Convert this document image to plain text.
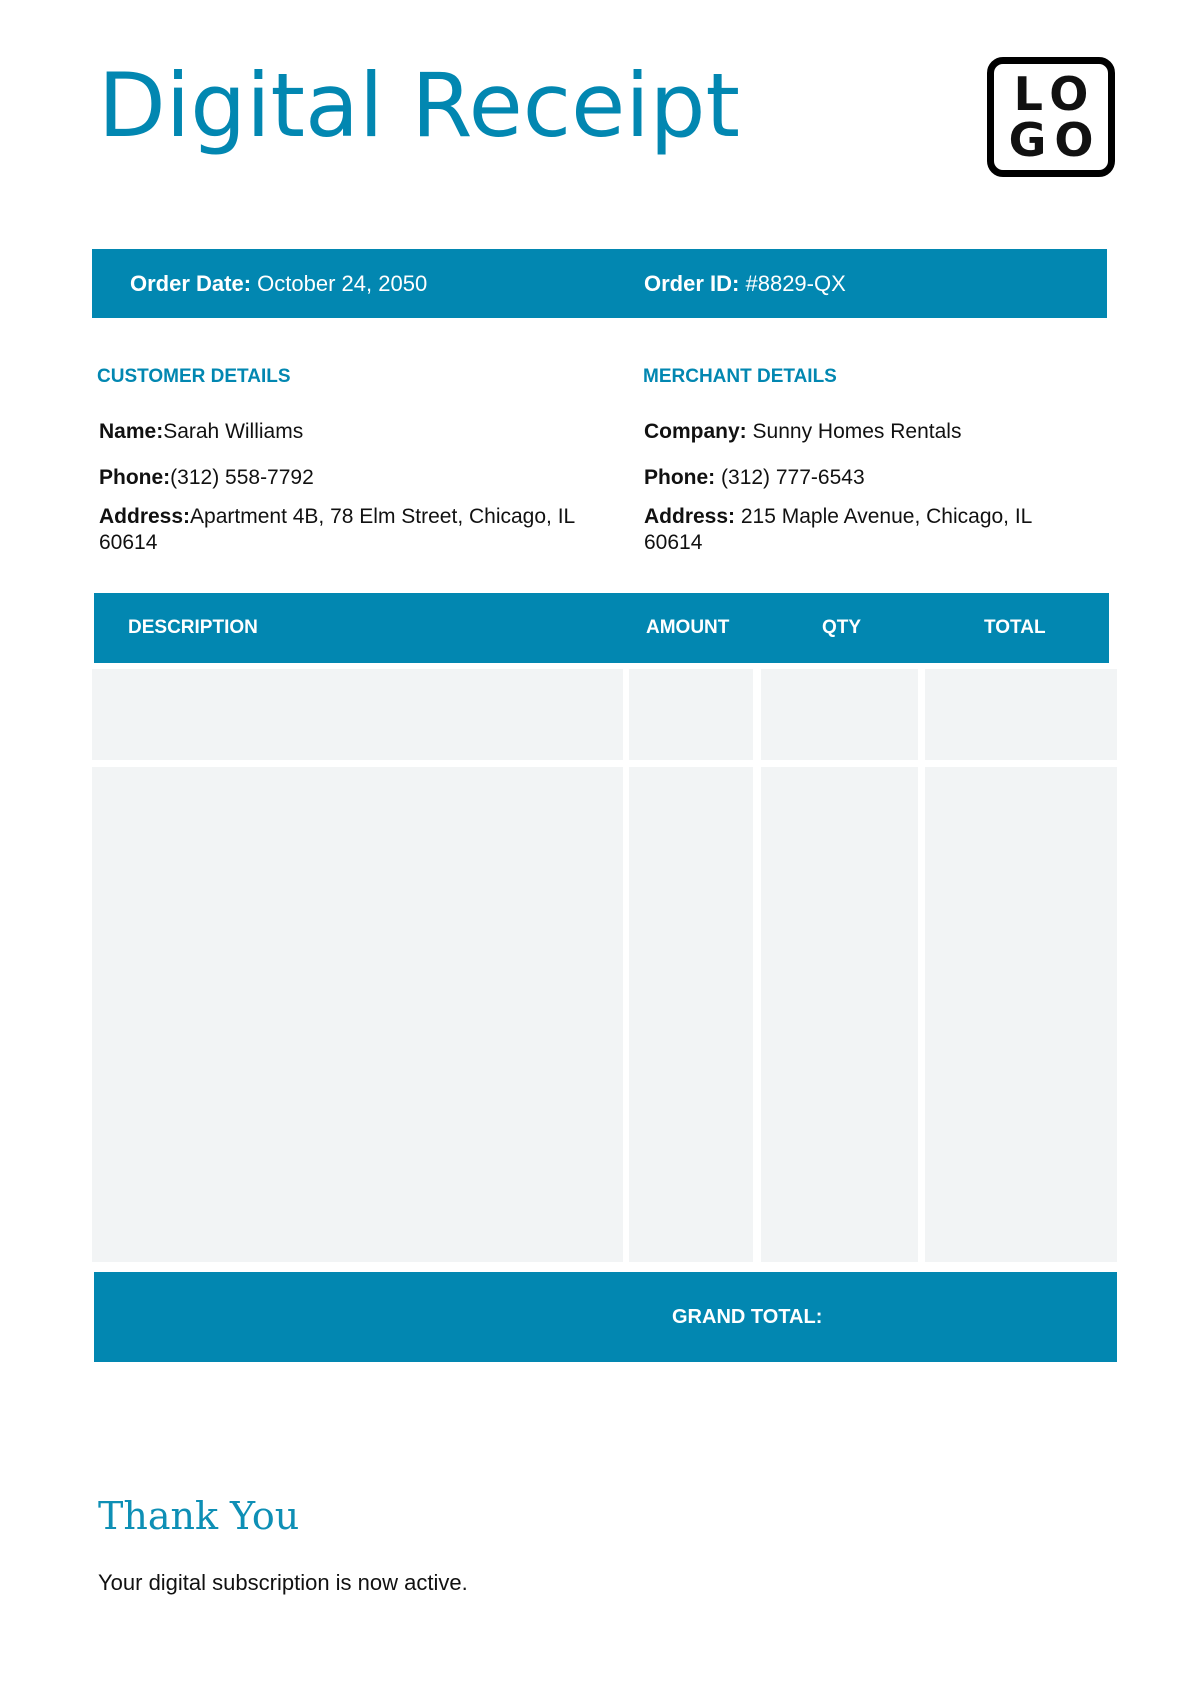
Digital Receipt	LO
GO
Order Date: October 24, 2050	Order ID: #8829-QX
CUSTOMER DETAILS	MERCHANT DETAILS
Name:Sarah Williams
Phone:(312) 558-7792
Address:Apartment 4B, 78 Elm Street, Chicago, IL 60614
Company: Sunny Homes Rentals
Phone: (312) 777-6543
Address: 215 Maple Avenue, Chicago, IL 60614
DESCRIPTION	AMOUNT	QTY	TOTAL
GRAND TOTAL:
Thank You
Your digital subscription is now active.
